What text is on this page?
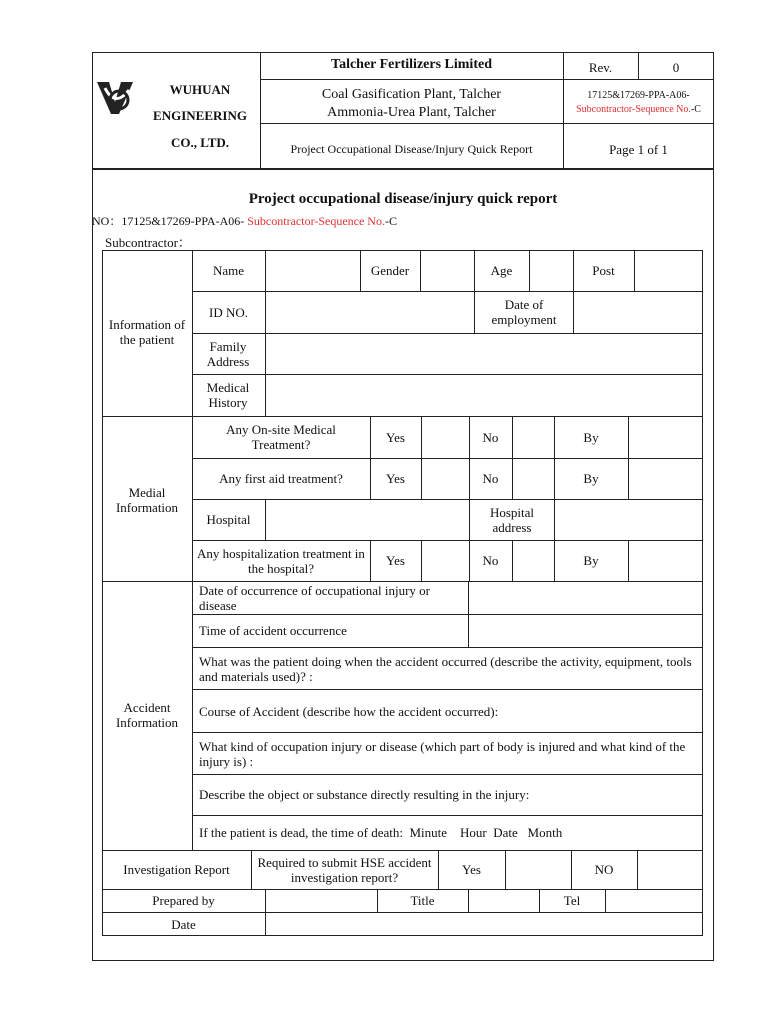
WUHUAN
ENGINEERING
CO., LTD.
Talcher Fertilizers Limited
Coal Gasification Plant, Talcher
Ammonia-Urea Plant, Talcher
Project Occupational Disease/Injury Quick Report
Rev.	0
17125&17269-PPA-A06-
Subcontractor-Sequence No.-C
Page 1 of 1
Project occupational disease/injury quick report
NO：17125&17269-PPA-A06- Subcontractor-Sequence No.-C
Subcontractor：
Information of the patient
Name	Gender	Age	Post
ID NO.	Date of employment
Family Address
Medical History
Medial Information
Any On-site Medical Treatment?	Yes	No	By
Any first aid treatment?	Yes	No	By
Hospital	Hospital address
Any hospitalization treatment in the hospital?	Yes	No	By
Accident Information
Date of occurrence of occupational injury or disease
Time of accident occurrence
What was the patient doing when the accident occurred (describe the activity, equipment, tools and materials used)? :
Course of Accident (describe how the accident occurred):
What kind of occupation injury or disease (which part of body is injured and what kind of the injury is) :
Describe the object or substance directly resulting in the injury:
If the patient is dead, the time of death:  Minute    Hour  Date   Month
Investigation Report	Required to submit HSE accident investigation report?	Yes	NO
Prepared by	Title	Tel
Date
